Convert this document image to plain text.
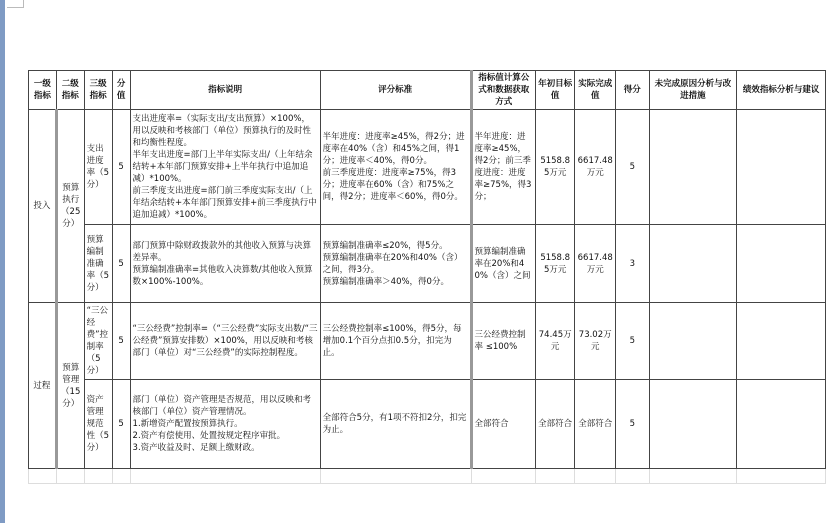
一级指标	二级指标	三级指标	分值	指标说明	评分标准	指标值计算公式和数据获取方式	年初目标值	实际完成值	得分	未完成原因分析与改进措施	绩效指标分析与建议
投入	预算执行（25分）	支出进度率（5分）	5	支出进度率=（实际支出/支出预算）×100%，用以反映和考核部门（单位）预算执行的及时性和均衡性程度。
半年支出进度=部门上半年实际支出/（上年结余结转+本年部门预算安排+上半年执行中追加追减）*100%。
前三季度支出进度=部门前三季度实际支出/（上年结余结转+本年部门预算安排+前三季度执行中追加追减）*100%。	半年进度：进度率≥45%，得2分；进度率在40%（含）和45%之间，得1分；进度率＜40%，得0分。
前三季度进度：进度率≥75%，得3分；进度率在60%（含）和75%之间，得2分；进度率＜60%，得0分。	半年进度：进度率≥45%，得2分；前三季度进度：进度率≥75%，得3分；	5158.85万元	6617.48万元	5		
		预算编制准确率（5分）	5	部门预算中除财政拨款外的其他收入预算与决算差异率。
预算编制准确率=其他收入决算数/其他收入预算数×100%-100%。	预算编制准确率≤20%，得5分。
预算编制准确率在20%和40%（含）之间，得3分。
预算编制准确率＞40%，得0分。	预算编制准确率在20%和40%（含）之间	5158.85万元	6617.48万元	3		
过程	预算管理（15分）	“三公经费”控制率（5分）	5	“三公经费”控制率=（“三公经费”实际支出数/“三公经费”预算安排数）×100%，用以反映和考核部门（单位）对“三公经费”的实际控制程度。	三公经费控制率≤100%，得5分，每增加0.1个百分点扣0.5分，扣完为止。	三公经费控制率 ≤100%	74.45万元	73.02万元	5		
		资产管理规范性（5分）	5	部门（单位）资产管理是否规范，用以反映和考核部门（单位）资产管理情况。
1.新增资产配置按预算执行。
2.资产有偿使用、处置按规定程序审批。
3.资产收益及时、足额上缴财政。	全部符合5分，有1项不符扣2分，扣完为止。	全部符合	全部符合	全部符合	5		
